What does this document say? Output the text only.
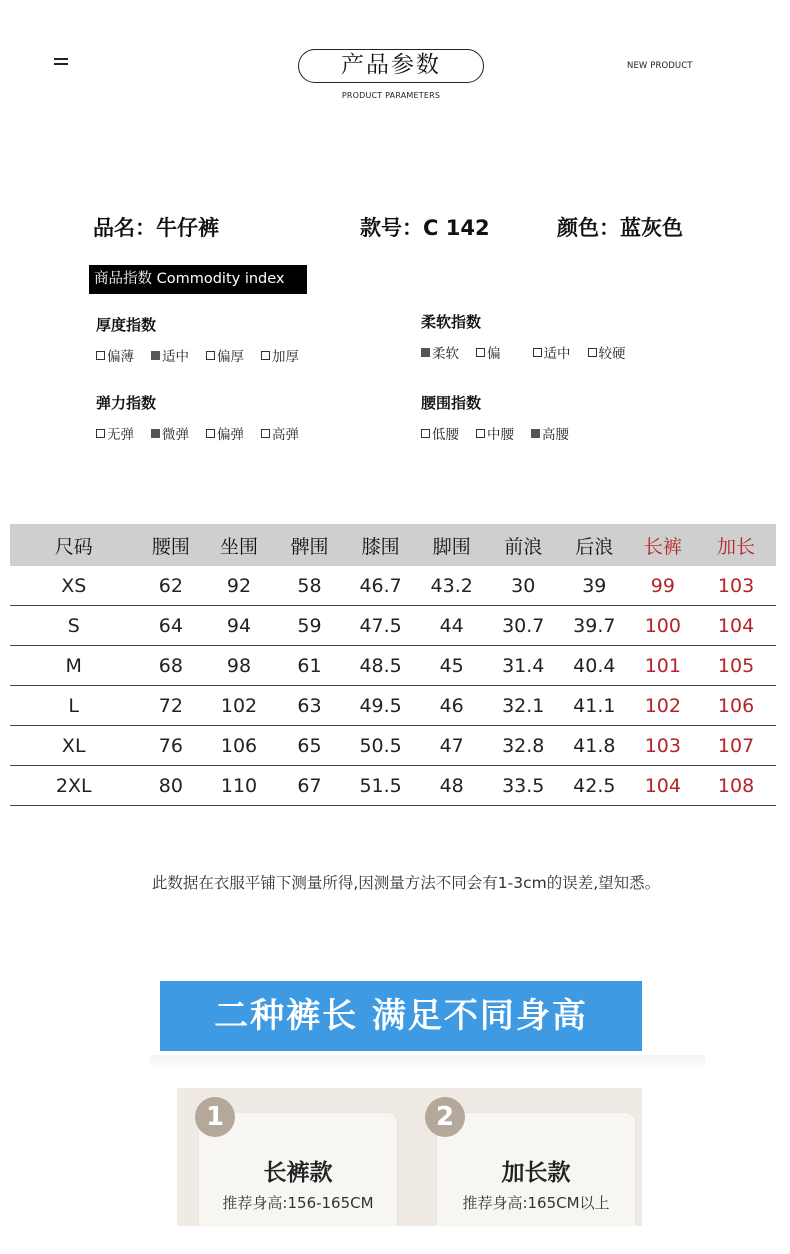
产品参数
PRODUCT PARAMETERS
NEW PRODUCT
品名：牛仔裤	款号：C 142	颜色：蓝灰色
商品指数 Commodity index
厚度指数
偏薄 适中 偏厚 加厚
柔软指数
柔软 偏	适中 较硬
弹力指数
无弹 微弹 偏弹 高弹
腰围指数
低腰 中腰 高腰
尺码	腰围	坐围	髀围	膝围	脚围	前浪	后浪	长裤	加长
XS	62	92	58	46.7	43.2	30	39	99	103
S	64	94	59	47.5	44	30.7	39.7	100	104
M	68	98	61	48.5	45	31.4	40.4	101	105
L	72	102	63	49.5	46	32.1	41.1	102	106
XL	76	106	65	50.5	47	32.8	41.8	103	107
2XL	80	110	67	51.5	48	33.5	42.5	104	108
此数据在衣服平铺下测量所得,因测量方法不同会有1-3cm的误差,望知悉。
二种裤长 满足不同身高
1	2
长裤款
推荐身高:156-165CM
加长款
推荐身高:165CM以上
